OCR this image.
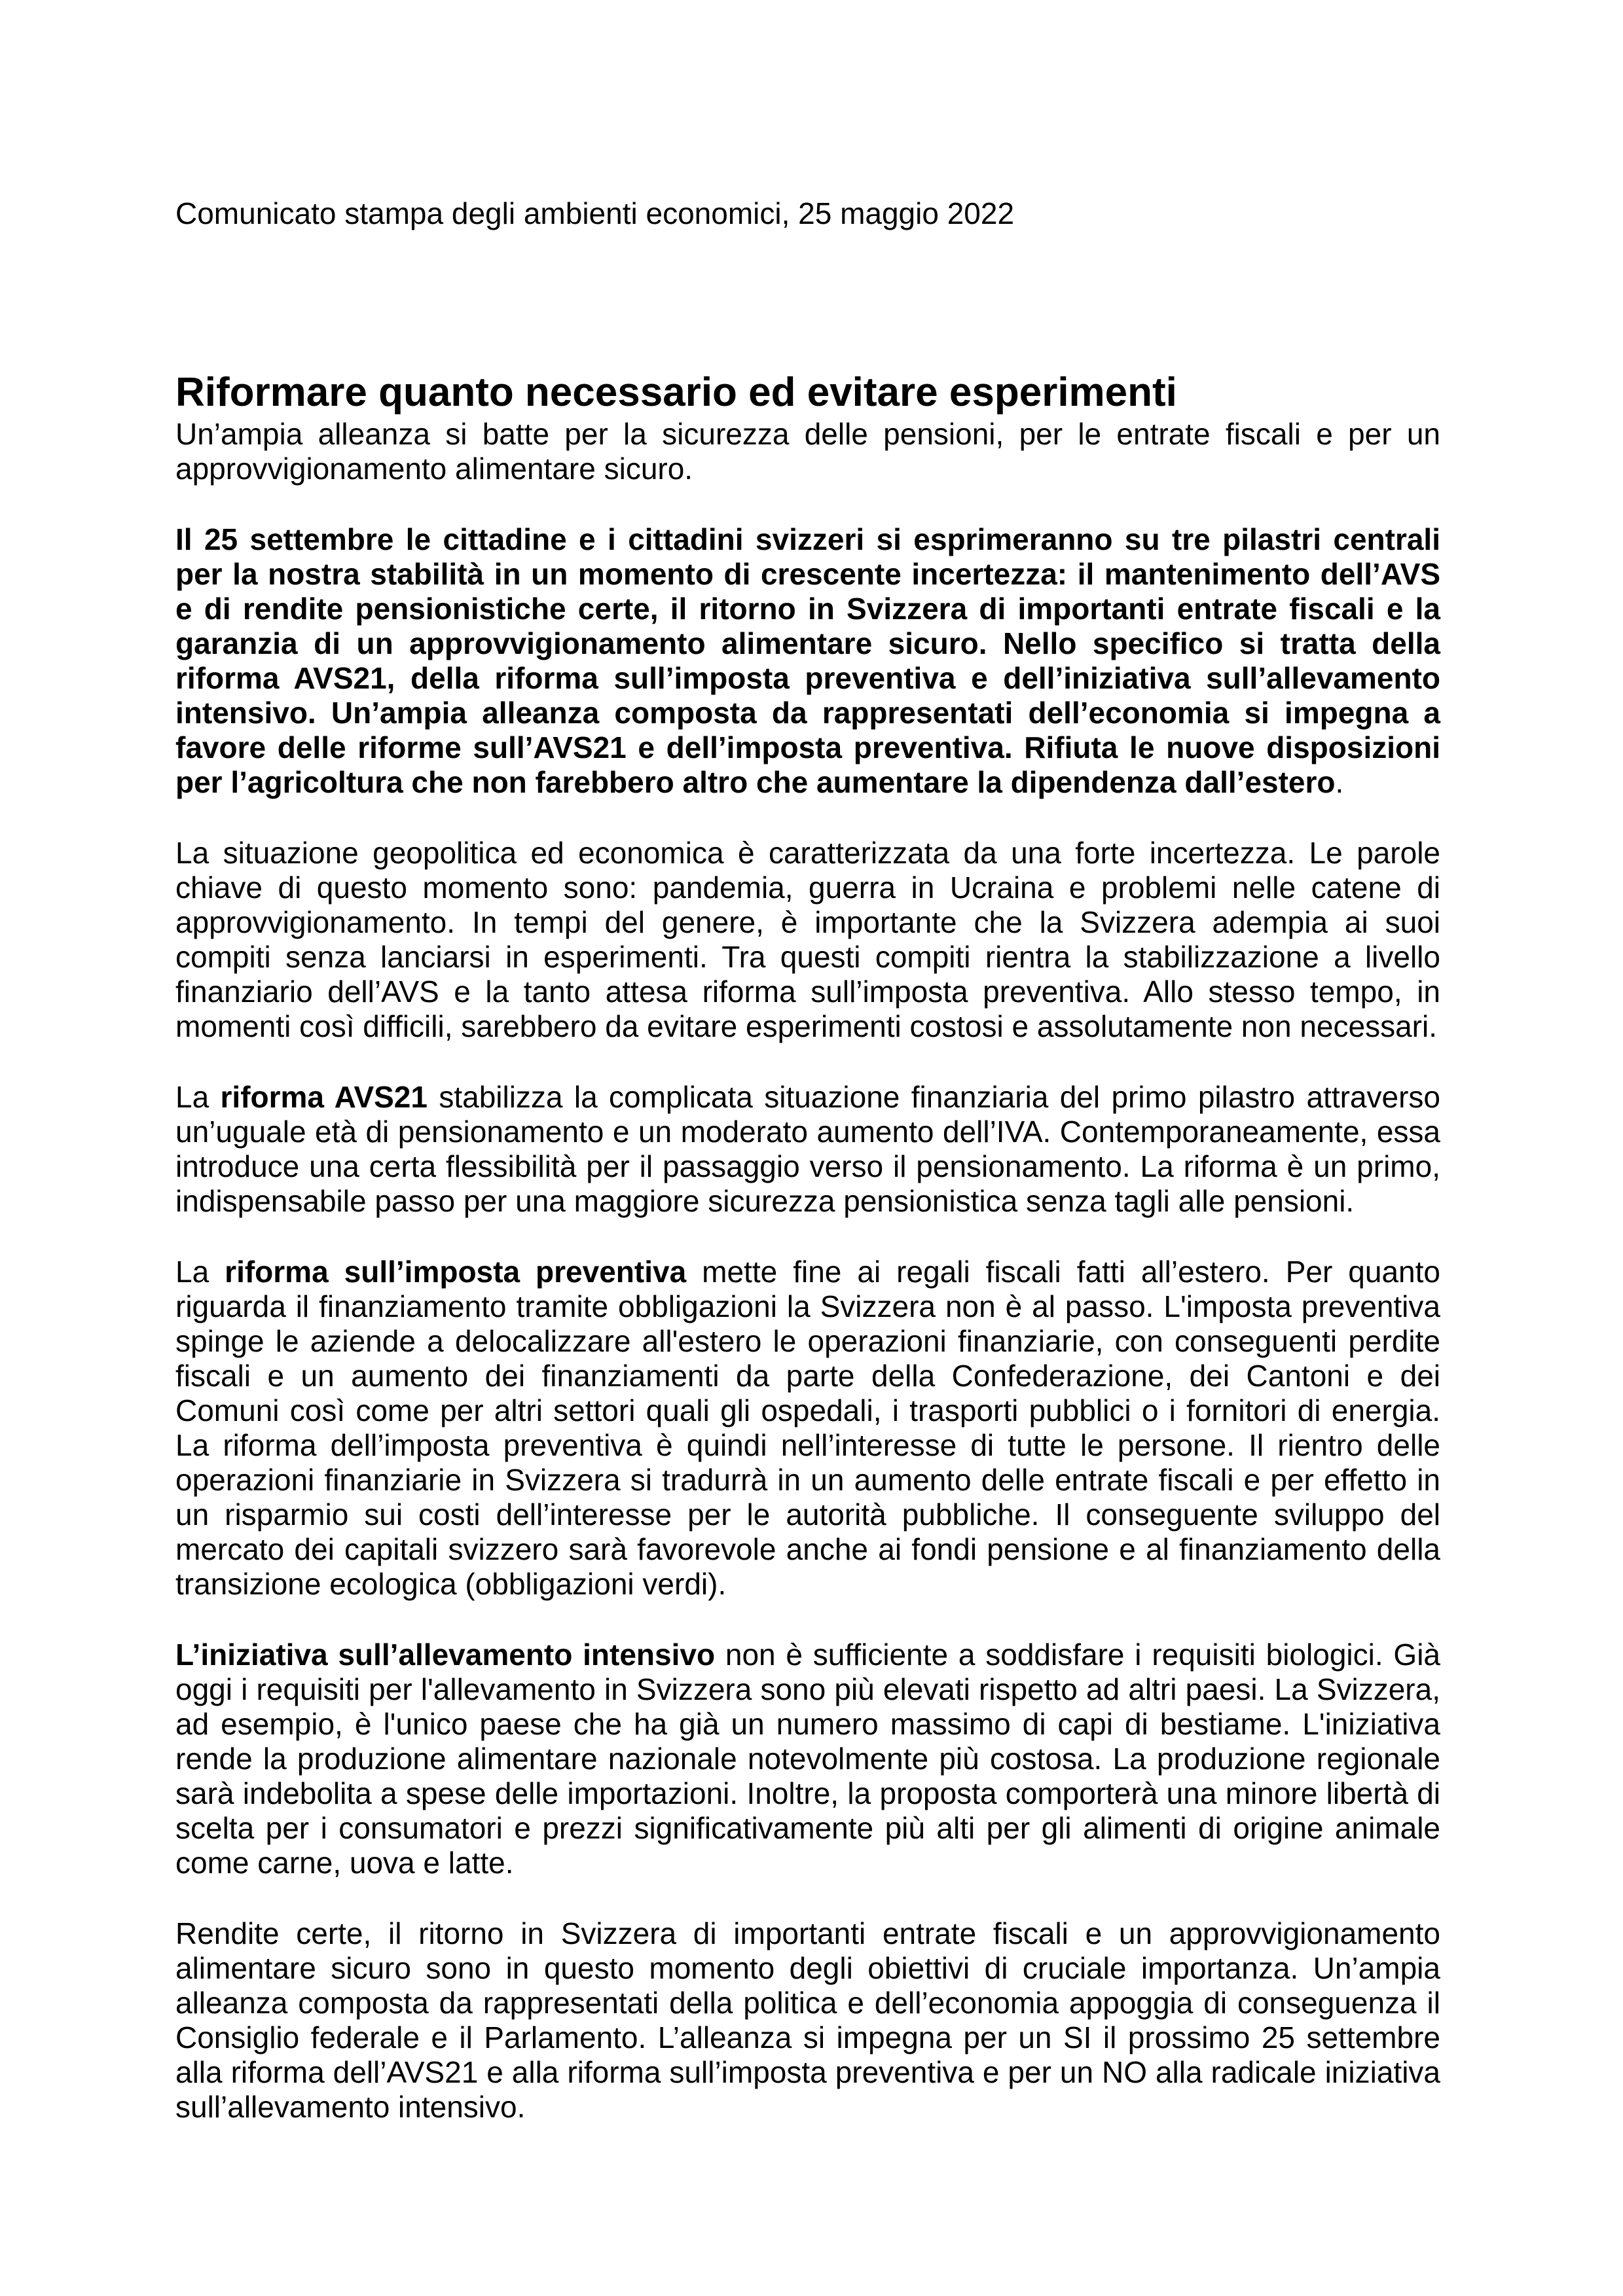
Comunicato stampa degli ambienti economici, 25 maggio 2022

Riformare quanto necessario ed evitare esperimenti

Un’ampia alleanza si batte per la sicurezza delle pensioni, per le entrate fiscali e per un approvvigionamento alimentare sicuro.

Il 25 settembre le cittadine e i cittadini svizzeri si esprimeranno su tre pilastri centrali per la nostra stabilità in un momento di crescente incertezza: il mantenimento dell’AVS e di rendite pensionistiche certe, il ritorno in Svizzera di importanti entrate fiscali e la garanzia di un approvvigionamento alimentare sicuro. Nello specifico si tratta della riforma AVS21, della riforma sull’imposta preventiva e dell’iniziativa sull’allevamento intensivo. Un’ampia alleanza composta da rappresentati dell’economia si impegna a favore delle riforme sull’AVS21 e dell’imposta preventiva. Rifiuta le nuove disposizioni per l’agricoltura che non farebbero altro che aumentare la dipendenza dall’estero.

La situazione geopolitica ed economica è caratterizzata da una forte incertezza. Le parole chiave di questo momento sono: pandemia, guerra in Ucraina e problemi nelle catene di approvvigionamento. In tempi del genere, è importante che la Svizzera adempia ai suoi compiti senza lanciarsi in esperimenti. Tra questi compiti rientra la stabilizzazione a livello finanziario dell’AVS e la tanto attesa riforma sull’imposta preventiva. Allo stesso tempo, in momenti così difficili, sarebbero da evitare esperimenti costosi e assolutamente non necessari.

La riforma AVS21 stabilizza la complicata situazione finanziaria del primo pilastro attraverso un’uguale età di pensionamento e un moderato aumento dell’IVA. Contemporaneamente, essa introduce una certa flessibilità per il passaggio verso il pensionamento. La riforma è un primo, indispensabile passo per una maggiore sicurezza pensionistica senza tagli alle pensioni.

La riforma sull’imposta preventiva mette fine ai regali fiscali fatti all’estero. Per quanto riguarda il finanziamento tramite obbligazioni la Svizzera non è al passo. L'imposta preventiva spinge le aziende a delocalizzare all'estero le operazioni finanziarie, con conseguenti perdite fiscali e un aumento dei finanziamenti da parte della Confederazione, dei Cantoni e dei Comuni così come per altri settori quali gli ospedali, i trasporti pubblici o i fornitori di energia. La riforma dell’imposta preventiva è quindi nell’interesse di tutte le persone. Il rientro delle operazioni finanziarie in Svizzera si tradurrà in un aumento delle entrate fiscali e per effetto in un risparmio sui costi dell’interesse per le autorità pubbliche. Il conseguente sviluppo del mercato dei capitali svizzero sarà favorevole anche ai fondi pensione e al finanziamento della transizione ecologica (obbligazioni verdi).

L’iniziativa sull’allevamento intensivo non è sufficiente a soddisfare i requisiti biologici. Già oggi i requisiti per l'allevamento in Svizzera sono più elevati rispetto ad altri paesi. La Svizzera, ad esempio, è l'unico paese che ha già un numero massimo di capi di bestiame. L'iniziativa rende la produzione alimentare nazionale notevolmente più costosa. La produzione regionale sarà indebolita a spese delle importazioni. Inoltre, la proposta comporterà una minore libertà di scelta per i consumatori e prezzi significativamente più alti per gli alimenti di origine animale come carne, uova e latte.

Rendite certe, il ritorno in Svizzera di importanti entrate fiscali e un approvvigionamento alimentare sicuro sono in questo momento degli obiettivi di cruciale importanza. Un’ampia alleanza composta da rappresentati della politica e dell’economia appoggia di conseguenza il Consiglio federale e il Parlamento. L’alleanza si impegna per un SI il prossimo 25 settembre alla riforma dell’AVS21 e alla riforma sull’imposta preventiva e per un NO alla radicale iniziativa sull’allevamento intensivo.
